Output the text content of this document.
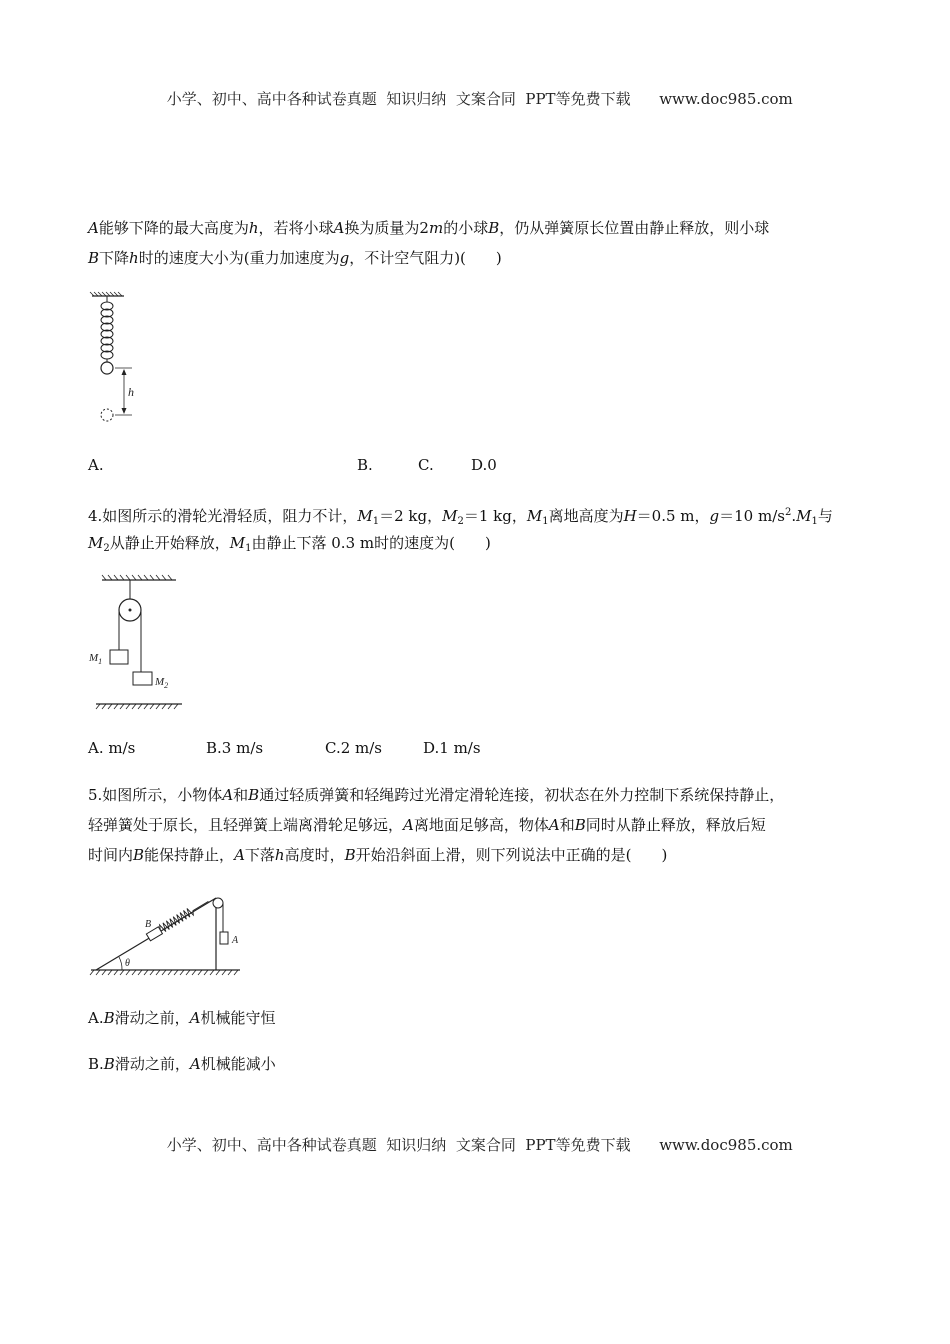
小学、初中、高中各种试卷真题  知识归纳  文案合同  PPT等免费下载 www.doc985.com

A能够下降的最大高度为h，若将小球A换为质量为2m的小球B，仍从弹簧原长位置由静止释放，则小球
B下降h时的速度大小为(重力加速度为g，不计空气阻力)(　　)
h
A.	B.	C. D.0
4.如图所示的滑轮光滑轻质，阻力不计，$M_1=2$ kg，$M_2=1$ kg，$M_1$离地高度为H＝0.5 m，g＝10 $m/s^2.M_1$与
$M_2$从静止开始释放，$M_1$由静止下落 0.3 m时的速度为(　　)
$M_1$
$M_2$
A. m/s	B.3 m/s	C.2 m/s	D.1 m/s
5.如图所示，小物体A和B通过轻质弹簧和轻绳跨过光滑定滑轮连接，初状态在外力控制下系统保持静止，
轻弹簧处于原长，且轻弹簧上端离滑轮足够远，A离地面足够高，物体A和B同时从静止释放，释放后短
时间内B能保持静止，A下落h高度时，B开始沿斜面上滑，则下列说法中正确的是(　　)
θ
B
A
A.B滑动之前，A机械能守恒
B.B滑动之前，A机械能减小

小学、初中、高中各种试卷真题  知识归纳  文案合同  PPT等免费下载 www.doc985.com
